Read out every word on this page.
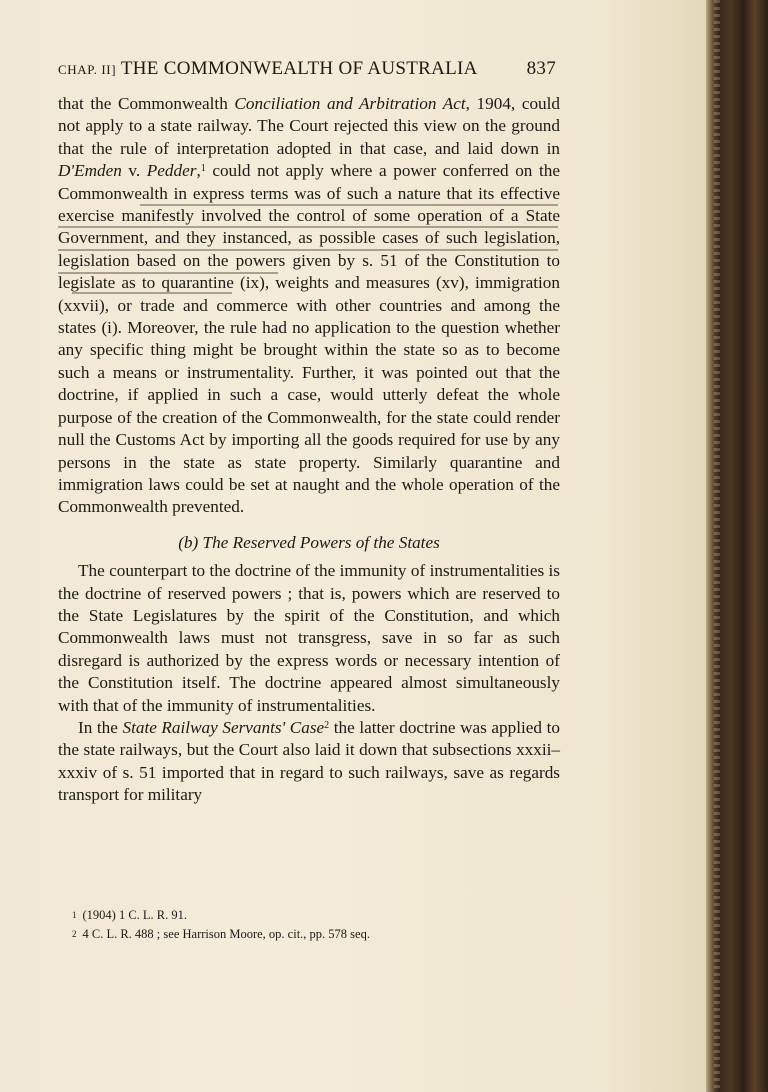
CHAP. II] THE COMMONWEALTH OF AUSTRALIA	837

that the Commonwealth Conciliation and Arbitration Act, 1904, could not apply to a state railway. The Court rejected this view on the ground that the rule of interpretation adopted in that case, and laid down in D'Emden v. Pedder,$^1$ could not apply where a power conferred on the Commonwealth in express terms was of such a nature that its effective exercise manifestly involved the control of some operation of a State Government, and they instanced, as possible cases of such legislation, legislation based on the powers given by s. 51 of the Constitution to legislate as to quarantine (ix), weights and measures (xv), immigration (xxvii), or trade and commerce with other countries and among the states (i). Moreover, the rule had no application to the question whether any specific thing might be brought within the state so as to become such a means or instrumentality. Further, it was pointed out that the doctrine, if applied in such a case, would utterly defeat the whole purpose of the creation of the Commonwealth, for the state could render null the Customs Act by importing all the goods required for use by any persons in the state as state property. Similarly quarantine and immigration laws could be set at naught and the whole operation of the Commonwealth prevented.

(b) The Reserved Powers of the States

The counterpart to the doctrine of the immunity of instrumentalities is the doctrine of reserved powers ; that is, powers which are reserved to the State Legislatures by the spirit of the Constitution, and which Commonwealth laws must not transgress, save in so far as such disregard is authorized by the express words or necessary intention of the Constitution itself. The doctrine appeared almost simultaneously with that of the immunity of instrumentalities.

In the State Railway Servants' Case$^2$ the latter doctrine was applied to the state railways, but the Court also laid it down that subsections xxxii–xxxiv of s. 51 imported that in regard to such railways, save as regards transport for military

$^1$ (1904) 1 C. L. R. 91.
$^2$ 4 C. L. R. 488 ; see Harrison Moore, op. cit., pp. 578 seq.
